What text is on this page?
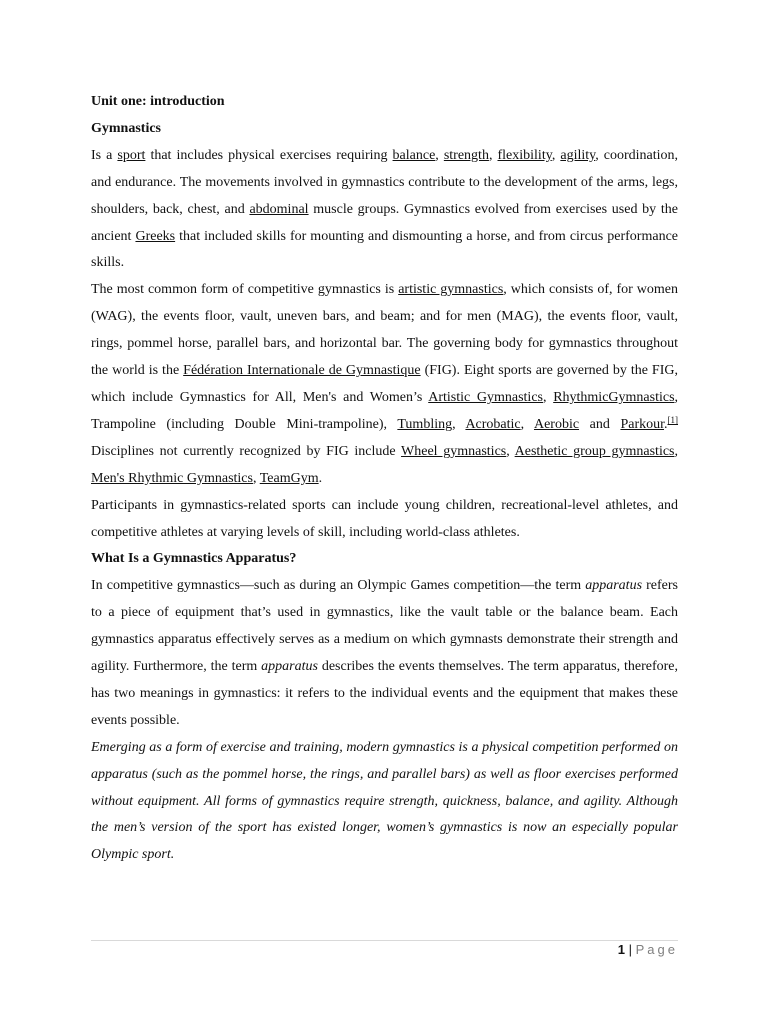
Unit one: introduction

Gymnastics

Is a sport that includes physical exercises requiring balance, strength, flexibility, agility, coordination, and endurance. The movements involved in gymnastics contribute to the development of the arms, legs, shoulders, back, chest, and abdominal muscle groups. Gymnastics evolved from exercises used by the ancient Greeks that included skills for mounting and dismounting a horse, and from circus performance skills.

The most common form of competitive gymnastics is artistic gymnastics, which consists of, for women (WAG), the events floor, vault, uneven bars, and beam; and for men (MAG), the events floor, vault, rings, pommel horse, parallel bars, and horizontal bar. The governing body for gymnastics throughout the world is the Fédération Internationale de Gymnastique (FIG). Eight sports are governed by the FIG, which include Gymnastics for All, Men's and Women’s Artistic Gymnastics, RhythmicGymnastics, Trampoline (including Double Mini-trampoline), Tumbling, Acrobatic, Aerobic and Parkour.[1] Disciplines not currently recognized by FIG include Wheel gymnastics, Aesthetic group gymnastics, Men's Rhythmic Gymnastics, TeamGym.

Participants in gymnastics-related sports can include young children, recreational-level athletes, and competitive athletes at varying levels of skill, including world-class athletes.

What Is a Gymnastics Apparatus?

In competitive gymnastics—such as during an Olympic Games competition—the term apparatus refers to a piece of equipment that’s used in gymnastics, like the vault table or the balance beam. Each gymnastics apparatus effectively serves as a medium on which gymnasts demonstrate their strength and agility. Furthermore, the term apparatus describes the events themselves. The term apparatus, therefore, has two meanings in gymnastics: it refers to the individual events and the equipment that makes these events possible.

Emerging as a form of exercise and training, modern gymnastics is a physical competition performed on apparatus (such as the pommel horse, the rings, and parallel bars) as well as floor exercises performed without equipment. All forms of gymnastics require strength, quickness, balance, and agility. Although the men’s version of the sport has existed longer, women’s gymnastics is now an especially popular Olympic sport.

1 | Page
